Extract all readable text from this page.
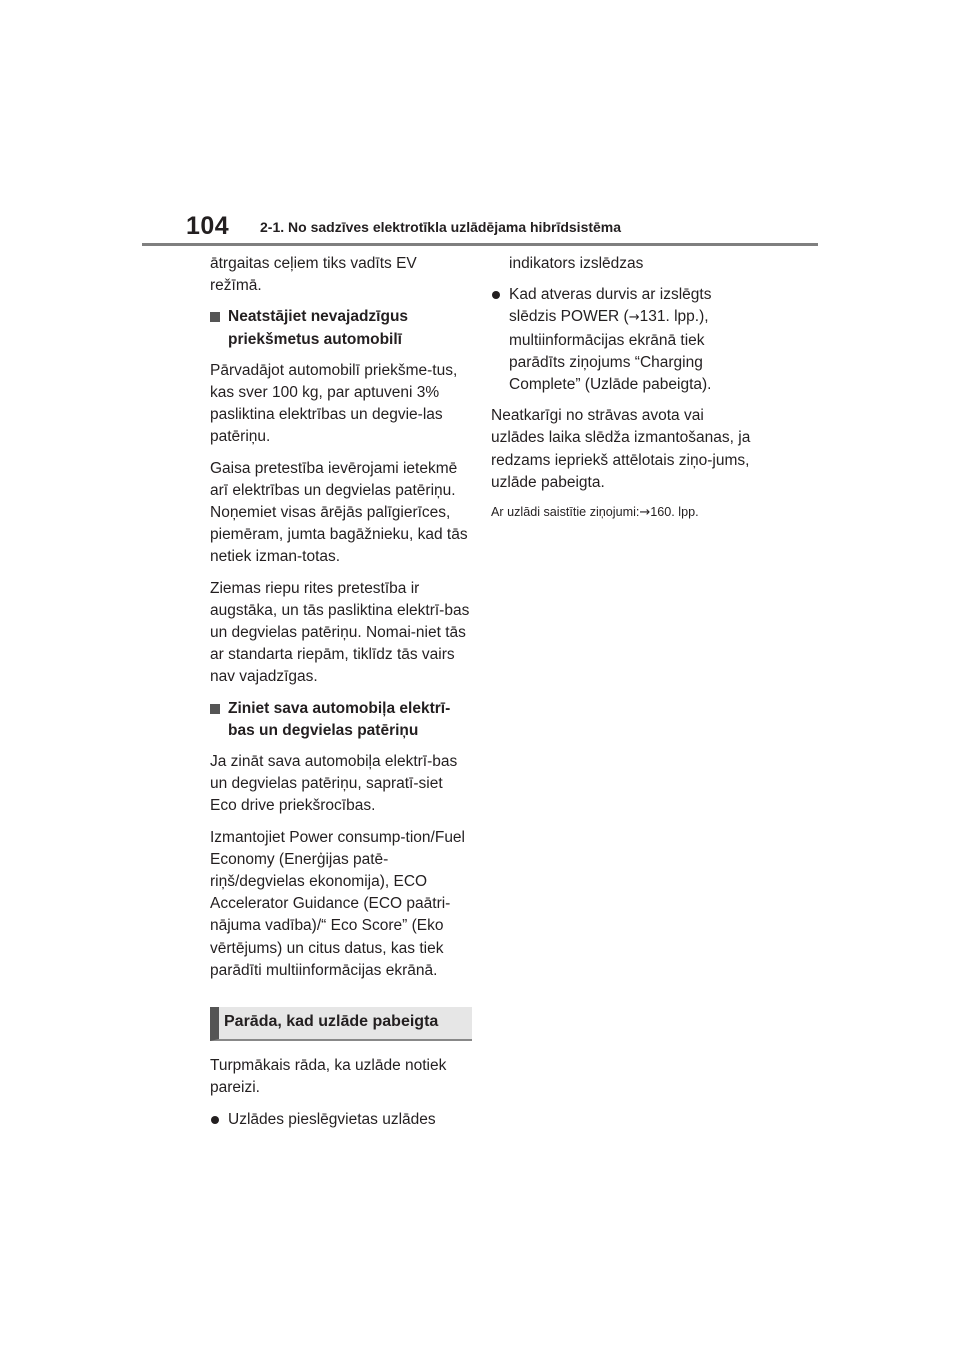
104 2-1. No sadzīves elektrotīkla uzlādējama hibrīdsistēma

ātrgaitas ceļiem tiks vadīts EV režīmā.

Neatstājiet nevajadzīgus priekšmetus automobilī

Pārvadājot automobilī priekšme-tus, kas sver 100 kg, par aptuveni 3% pasliktina elektrības un degvie-las patēriņu.

Gaisa pretestība ievērojami ietekmē arī elektrības un degvielas patēriņu. Noņemiet visas ārējās palīgierīces, piemēram, jumta bagāžnieku, kad tās netiek izman-totas.

Ziemas riepu rites pretestība ir augstāka, un tās pasliktina elektrī-bas un degvielas patēriņu. Nomai-niet tās ar standarta riepām, tiklīdz tās vairs nav vajadzīgas.

Ziniet sava automobiļa elektrī-bas un degvielas patēriņu

Ja zināt sava automobiļa elektrī-bas un degvielas patēriņu, sapratī-siet Eco drive priekšrocības.

Izmantojiet Power consump-tion/Fuel Economy (Enerģijas patē-riņš/degvielas ekonomija), ECO Accelerator Guidance (ECO paātri-nājuma vadība)/“ Eco Score” (Eko vērtējums) un citus datus, kas tiek parādīti multiinformācijas ekrānā.

Parāda, kad uzlāde pabeigta

Turpmākais rāda, ka uzlāde notiek pareizi.

Uzlādes pieslēgvietas uzlādes
indikators izslēdzas
Kad atveras durvis ar izslēgts slēdzis POWER (→131. lpp.), multiinformācijas ekrānā tiek parādīts ziņojums “Charging Complete” (Uzlāde pabeigta).

Neatkarīgi no strāvas avota vai uzlādes laika slēdža izmantošanas, ja redzams iepriekš attēlotais ziņo-jums, uzlāde pabeigta.

Ar uzlādi saistītie ziņojumi:→160. lpp.
